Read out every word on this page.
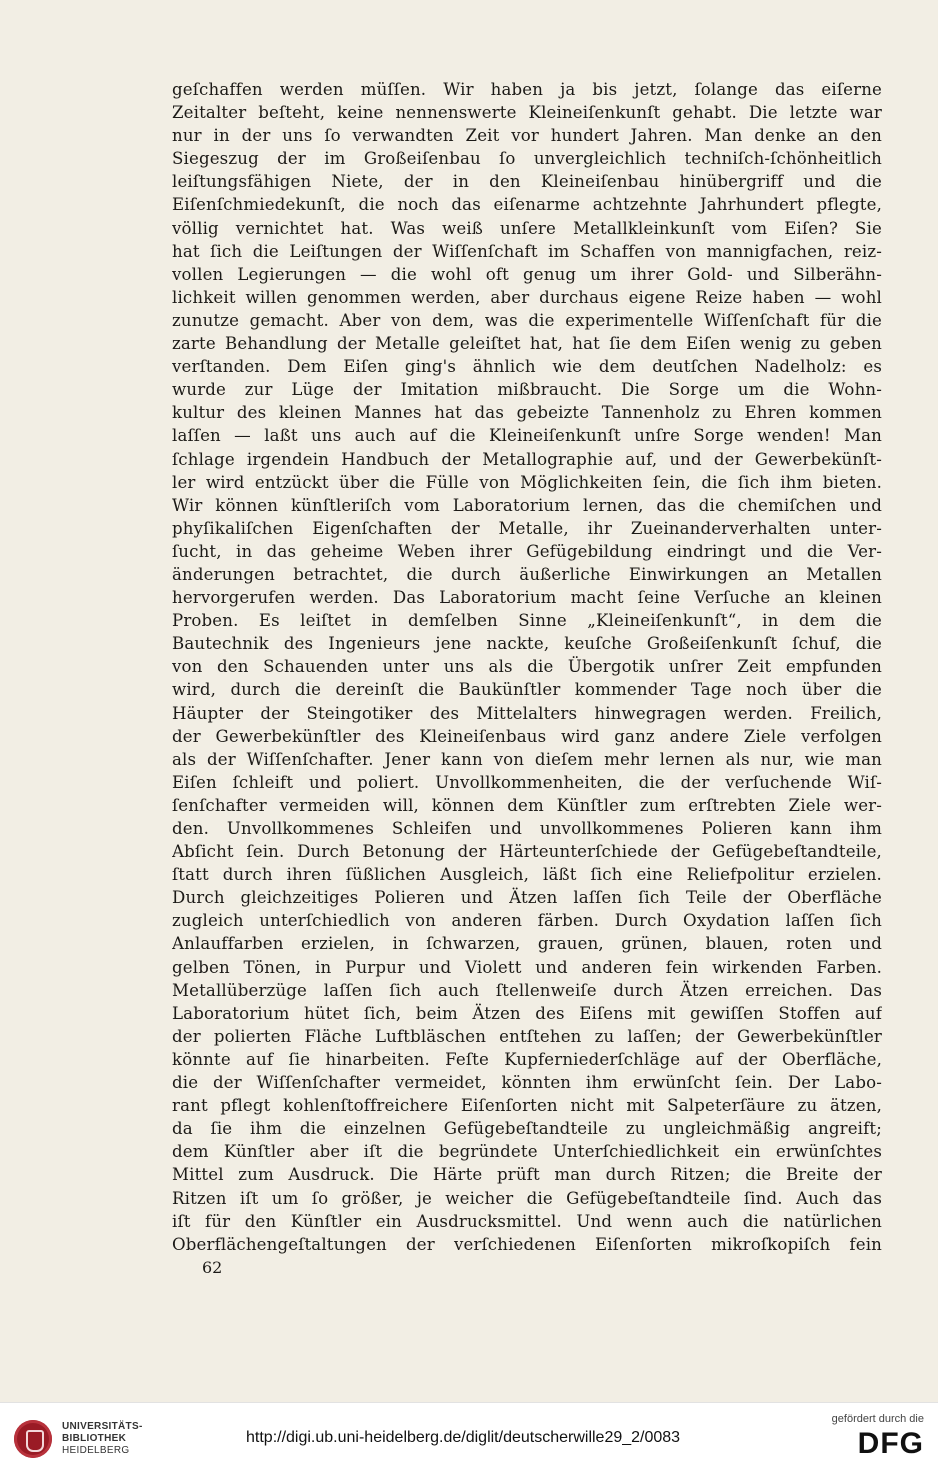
geſchaffen werden müſſen. Wir haben ja bis jetzt, ſolange das eiſerne
Zeitalter beſteht, keine nennenswerte Kleineiſenkunſt gehabt. Die letzte war
nur in der uns ſo verwandten Zeit vor hundert Jahren. Man denke an den
Siegeszug der im Großeiſenbau ſo unvergleichlich techniſch-ſchönheitlich
leiſtungsfähigen Niete, der in den Kleineiſenbau hinübergriff und die
Eiſenſchmiedekunſt, die noch das eiſenarme achtzehnte Jahrhundert pflegte,
völlig vernichtet hat. Was weiß unſere Metallkleinkunſt vom Eiſen? Sie
hat ſich die Leiſtungen der Wiſſenſchaft im Schaffen von mannigfachen, reiz-
vollen Legierungen — die wohl oft genug um ihrer Gold- und Silberähn-
lichkeit willen genommen werden, aber durchaus eigene Reize haben — wohl
zunutze gemacht. Aber von dem, was die experimentelle Wiſſenſchaft für die
zarte Behandlung der Metalle geleiſtet hat, hat ſie dem Eiſen wenig zu geben
verſtanden. Dem Eiſen ging's ähnlich wie dem deutſchen Nadelholz: es
wurde zur Lüge der Imitation mißbraucht. Die Sorge um die Wohn-
kultur des kleinen Mannes hat das gebeizte Tannenholz zu Ehren kommen
laſſen — laßt uns auch auf die Kleineiſenkunſt unſre Sorge wenden! Man
ſchlage irgendein Handbuch der Metallographie auf, und der Gewerbekünſt-
ler wird entzückt über die Fülle von Möglichkeiten ſein, die ſich ihm bieten.
Wir können künſtleriſch vom Laboratorium lernen, das die chemiſchen und
phyſikaliſchen Eigenſchaften der Metalle, ihr Zueinanderverhalten unter-
ſucht, in das geheime Weben ihrer Gefügebildung eindringt und die Ver-
änderungen betrachtet, die durch äußerliche Einwirkungen an Metallen
hervorgerufen werden. Das Laboratorium macht ſeine Verſuche an kleinen
Proben. Es leiſtet in demſelben Sinne „Kleineiſenkunſt“, in dem die
Bautechnik des Ingenieurs jene nackte, keuſche Großeiſenkunſt ſchuf, die
von den Schauenden unter uns als die Übergotik unſrer Zeit empfunden
wird, durch die dereinſt die Baukünſtler kommender Tage noch über die
Häupter der Steingotiker des Mittelalters hinwegragen werden. Freilich,
der Gewerbekünſtler des Kleineiſenbaus wird ganz andere Ziele verfolgen
als der Wiſſenſchafter. Jener kann von dieſem mehr lernen als nur, wie man
Eiſen ſchleift und poliert. Unvollkommenheiten, die der verſuchende Wiſ-
ſenſchafter vermeiden will, können dem Künſtler zum erſtrebten Ziele wer-
den. Unvollkommenes Schleifen und unvollkommenes Polieren kann ihm
Abſicht ſein. Durch Betonung der Härteunterſchiede der Gefügebeſtandteile,
ſtatt durch ihren ſüßlichen Ausgleich, läßt ſich eine Reliefpolitur erzielen.
Durch gleichzeitiges Polieren und Ätzen laſſen ſich Teile der Oberfläche
zugleich unterſchiedlich von anderen färben. Durch Oxydation laſſen ſich
Anlauffarben erzielen, in ſchwarzen, grauen, grünen, blauen, roten und
gelben Tönen, in Purpur und Violett und anderen fein wirkenden Farben.
Metallüberzüge laſſen ſich auch ſtellenweiſe durch Ätzen erreichen. Das
Laboratorium hütet ſich, beim Ätzen des Eiſens mit gewiſſen Stoffen auf
der polierten Fläche Luftbläschen entſtehen zu laſſen; der Gewerbekünſtler
könnte auf ſie hinarbeiten. Feſte Kupferniederſchläge auf der Oberfläche,
die der Wiſſenſchafter vermeidet, könnten ihm erwünſcht ſein. Der Labo-
rant pflegt kohlenſtoffreichere Eiſenſorten nicht mit Salpeterſäure zu ätzen,
da ſie ihm die einzelnen Gefügebeſtandteile zu ungleichmäßig angreift;
dem Künſtler aber iſt die begründete Unterſchiedlichkeit ein erwünſchtes
Mittel zum Ausdruck. Die Härte prüft man durch Ritzen; die Breite der
Ritzen iſt um ſo größer, je weicher die Gefügebeſtandteile ſind. Auch das
iſt für den Künſtler ein Ausdrucksmittel. Und wenn auch die natürlichen
Oberflächengeſtaltungen der verſchiedenen Eiſenſorten mikroſkopiſch fein
62
UNIVERSITÄTS-
BIBLIOTHEK
HEIDELBERG
http://digi.ub.uni-heidelberg.de/diglit/deutscherwille29_2/0083
gefördert durch die
DFG
